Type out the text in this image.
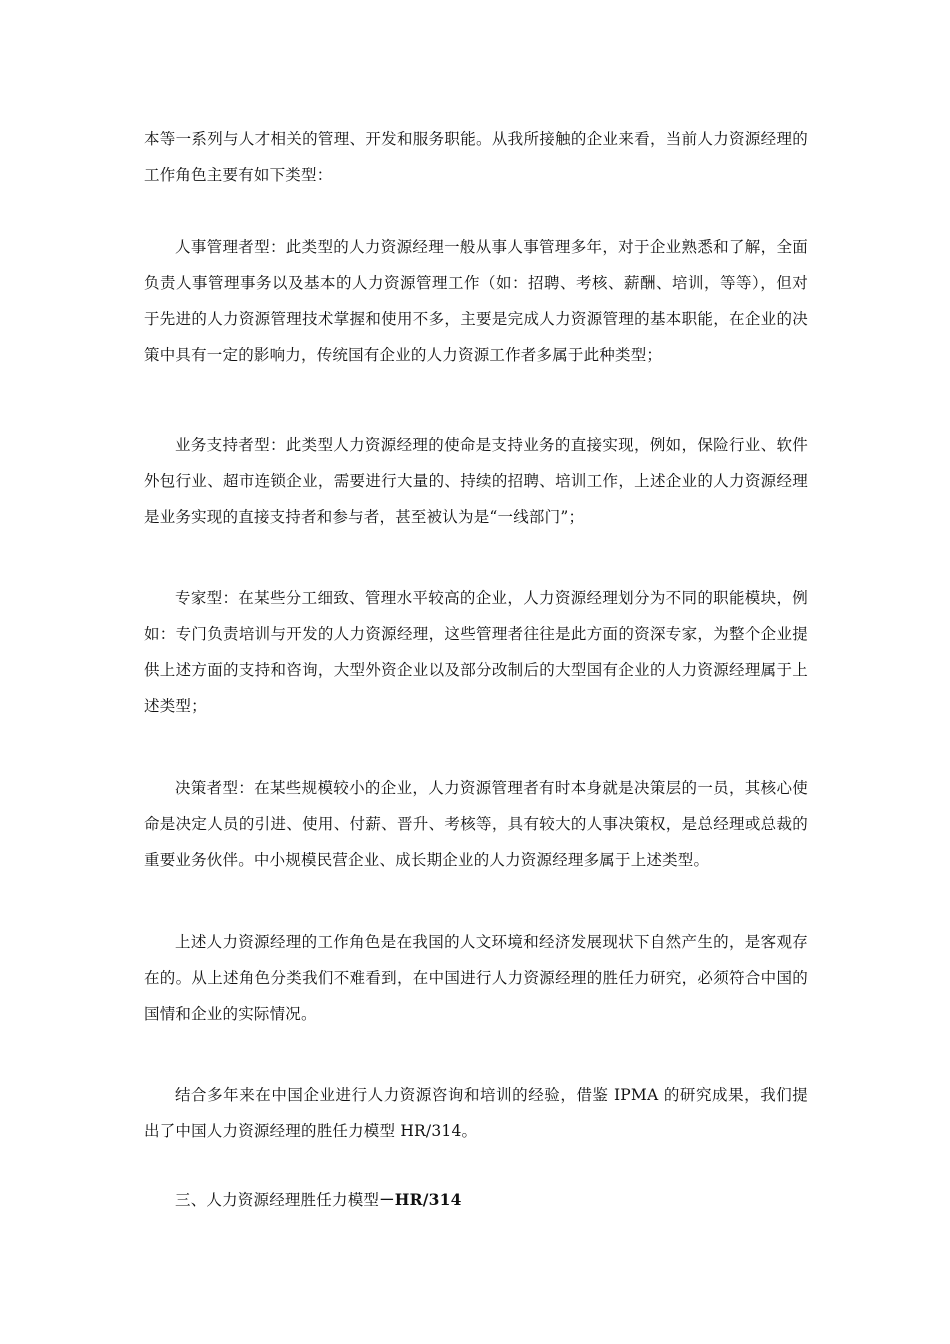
本等一系列与人才相关的管理、开发和服务职能。从我所接触的企业来看，当前人力资源经理的工作角色主要有如下类型：

人事管理者型：此类型的人力资源经理一般从事人事管理多年，对于企业熟悉和了解，全面负责人事管理事务以及基本的人力资源管理工作（如：招聘、考核、薪酬、培训，等等），但对于先进的人力资源管理技术掌握和使用不多，主要是完成人力资源管理的基本职能，在企业的决策中具有一定的影响力，传统国有企业的人力资源工作者多属于此种类型；

业务支持者型：此类型人力资源经理的使命是支持业务的直接实现，例如，保险行业、软件外包行业、超市连锁企业，需要进行大量的、持续的招聘、培训工作，上述企业的人力资源经理是业务实现的直接支持者和参与者，甚至被认为是“一线部门”；

专家型：在某些分工细致、管理水平较高的企业，人力资源经理划分为不同的职能模块，例如：专门负责培训与开发的人力资源经理，这些管理者往往是此方面的资深专家，为整个企业提供上述方面的支持和咨询，大型外资企业以及部分改制后的大型国有企业的人力资源经理属于上述类型；

决策者型：在某些规模较小的企业，人力资源管理者有时本身就是决策层的一员，其核心使命是决定人员的引进、使用、付薪、晋升、考核等，具有较大的人事决策权，是总经理或总裁的重要业务伙伴。中小规模民营企业、成长期企业的人力资源经理多属于上述类型。

上述人力资源经理的工作角色是在我国的人文环境和经济发展现状下自然产生的，是客观存在的。从上述角色分类我们不难看到，在中国进行人力资源经理的胜任力研究，必须符合中国的国情和企业的实际情况。

结合多年来在中国企业进行人力资源咨询和培训的经验，借鉴 IPMA 的研究成果，我们提出了中国人力资源经理的胜任力模型 HR/314。

三、人力资源经理胜任力模型－HR/314
